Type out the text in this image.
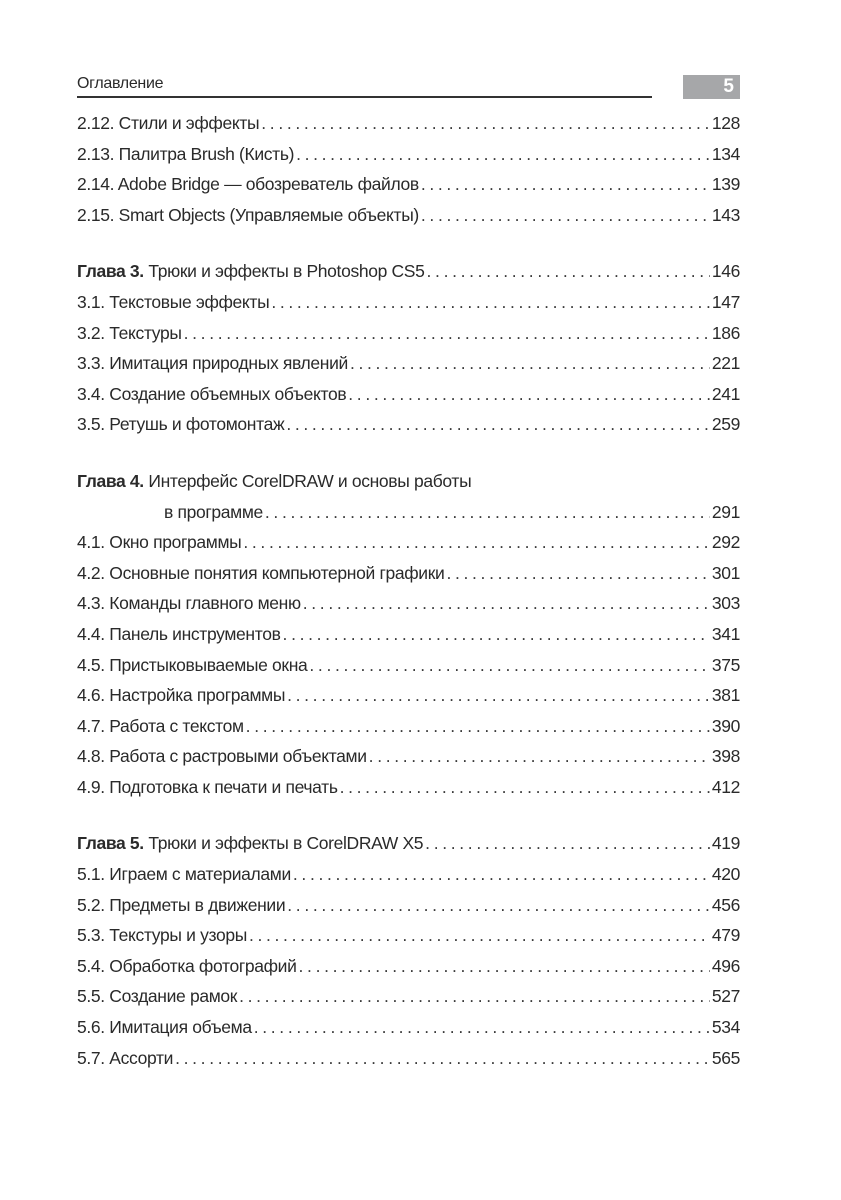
Оглавление	5
2.12. Стили и эффекты . . .	128
2.13. Палитра Brush (Кисть) . . .	134
2.14. Adobe Bridge — обозреватель файлов . . .	139
2.15. Smart Objects (Управляемые объекты) . . .	143
Глава 3. Трюки и эффекты в Photoshop CS5 . . .	146
3.1. Текстовые эффекты . . .	147
3.2. Текстуры . . .	186
3.3. Имитация природных явлений . . .	221
3.4. Создание объемных объектов . . .	241
3.5. Ретушь и фотомонтаж . . .	259
Глава 4. Интерфейс CorelDRAW и основы работы
в программе . . .	291
4.1. Окно программы . . .	292
4.2. Основные понятия компьютерной графики . . .	301
4.3. Команды главного меню . . .	303
4.4. Панель инструментов . . .	341
4.5. Пристыковываемые окна . . .	375
4.6. Настройка программы . . .	381
4.7. Работа с текстом . . .	390
4.8. Работа с растровыми объектами . . .	398
4.9. Подготовка к печати и печать . . .	412
Глава 5. Трюки и эффекты в CorelDRAW X5 . . .	419
5.1. Играем с материалами . . .	420
5.2. Предметы в движении . . .	456
5.3. Текстуры и узоры . . .	479
5.4. Обработка фотографий . . .	496
5.5. Создание рамок . . .	527
5.6. Имитация объема . . .	534
5.7. Ассорти . . .	565
